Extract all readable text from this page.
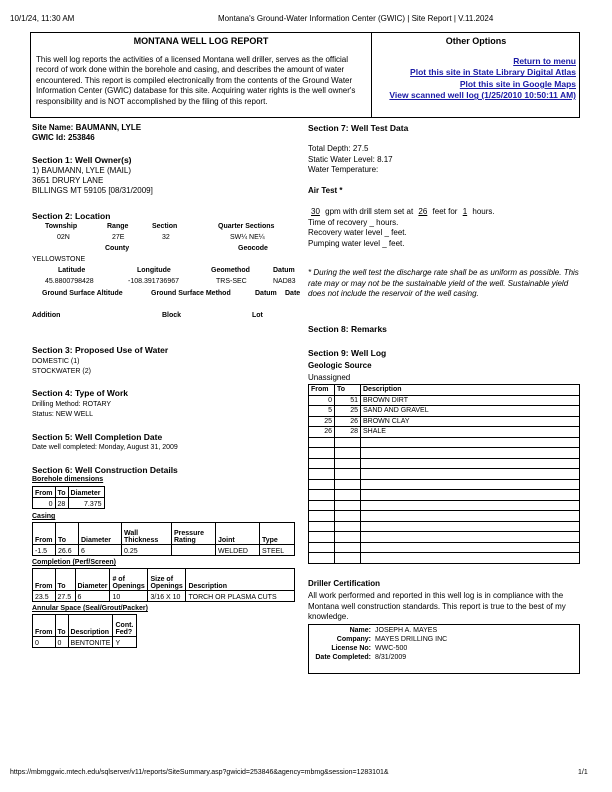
10/1/24, 11:30 AM	Montana's Ground-Water Information Center (GWIC) | Site Report | V.11.2024
MONTANA WELL LOG REPORT
This well log reports the activities of a licensed Montana well driller, serves as the official record of work done within the borehole and casing, and describes the amount of water encountered. This report is compiled electronically from the contents of the Ground Water Information Center (GWIC) database for this site. Acquiring water rights is the well owner's responsibility and is NOT accomplished by the filing of this report.
Other Options
Return to menu
Plot this site in State Library Digital Atlas
Plot this site in Google Maps
View scanned well log (1/25/2010 10:50:11 AM)
Site Name: BAUMANN, LYLE
GWIC Id: 253846
Section 1: Well Owner(s)
1) BAUMANN, LYLE (MAIL)
3651 DRURY LANE
BILLINGS MT 59105 [08/31/2009]
Section 2: Location
Township	Range	Section	Quarter Sections
02N	27E	32	SW¼ NE¼
County	Geocode
YELLOWSTONE
Latitude	Longitude	Geomethod	Datum
45.8800798428	-108.391736967	TRS-SEC	NAD83
Ground Surface Altitude	Ground Surface Method	Datum Date
Addition	Block	Lot
Section 3: Proposed Use of Water
DOMESTIC (1)
STOCKWATER (2)
Section 4: Type of Work
Drilling Method: ROTARY
Status: NEW WELL
Section 5: Well Completion Date
Date well completed: Monday, August 31, 2009
Section 6: Well Construction Details
Borehole dimensions
From	To	Diameter
0	28	7.375
Casing
From	To	Diameter	Wall Thickness	Pressure Rating	Joint	Type
-1.5	26.6	6	0.25		WELDED	STEEL
Completion (Perf/Screen)
From	To	Diameter	# of Openings	Size of Openings	Description
23.5	27.5	6	10	3/16 X 10	TORCH OR PLASMA CUTS
Annular Space (Seal/Grout/Packer)
From	To	Description	Cont. Fed?
0	0	BENTONITE	Y
Section 7: Well Test Data
Total Depth: 27.5
Static Water Level: 8.17
Water Temperature:
Air Test *
30 gpm with drill stem set at 26 feet for 1 hours.
Time of recovery _ hours.
Recovery water level _ feet.
Pumping water level _ feet.
* During the well test the discharge rate shall be as uniform as possible. This rate may or may not be the sustainable yield of the well. Sustainable yield does not include the reservoir of the well casing.
Section 8: Remarks
Section 9: Well Log
Geologic Source
Unassigned
From	To	Description
0	51	BROWN DIRT
5	25	SAND AND GRAVEL
25	26	BROWN CLAY
26	28	SHALE

Driller Certification
All work performed and reported in this well log is in compliance with the Montana well construction standards. This report is true to the best of my knowledge.
Name:	JOSEPH A. MAYES
Company:	MAYES DRILLING INC
License No:	WWC-500
Date Completed:	8/31/2009
https://mbmggwic.mtech.edu/sqlserver/v11/reports/SiteSummary.asp?gwicid=253846&agency=mbmg&session=1283101&	1/1
